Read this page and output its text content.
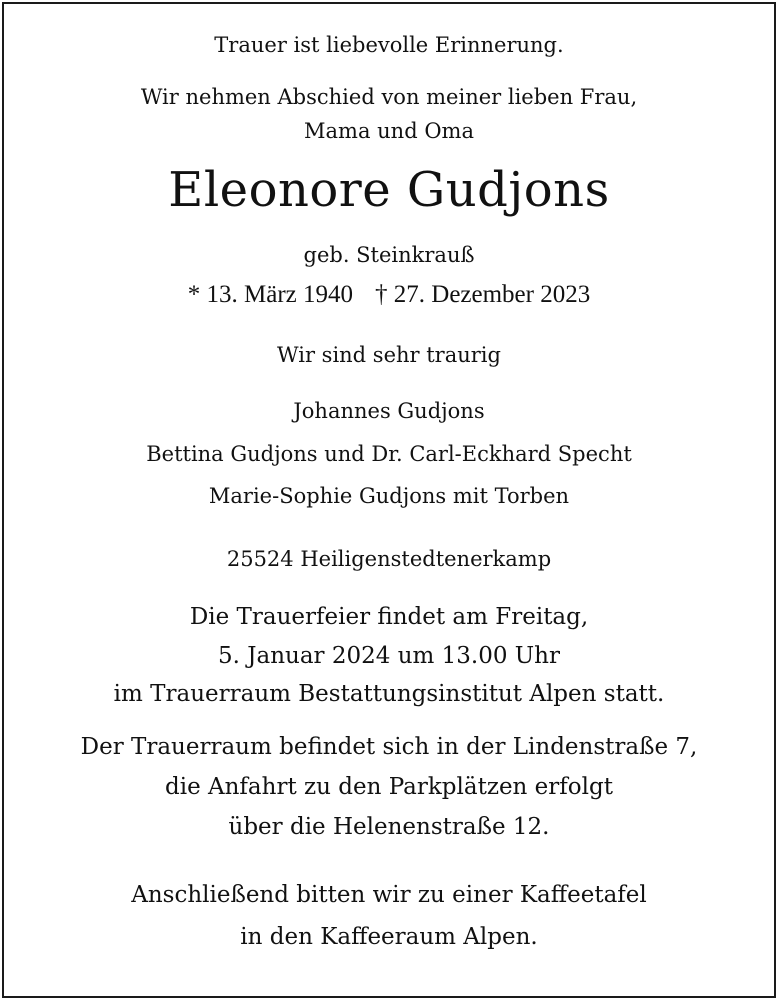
Trauer ist liebevolle Erinnerung.
Wir nehmen Abschied von meiner lieben Frau,
Mama und Oma
Eleonore Gudjons
geb. Steinkrauß
* 13. März 1940 † 27. Dezember 2023
Wir sind sehr traurig
Johannes Gudjons
Bettina Gudjons und Dr. Carl-Eckhard Specht
Marie-Sophie Gudjons mit Torben
25524 Heiligenstedtenerkamp
Die Trauerfeier findet am Freitag,
5. Januar 2024 um 13.00 Uhr
im Trauerraum Bestattungsinstitut Alpen statt.
Der Trauerraum befindet sich in der Lindenstraße 7,
die Anfahrt zu den Parkplätzen erfolgt
über die Helenenstraße 12.
Anschließend bitten wir zu einer Kaffeetafel
in den Kaffeeraum Alpen.
